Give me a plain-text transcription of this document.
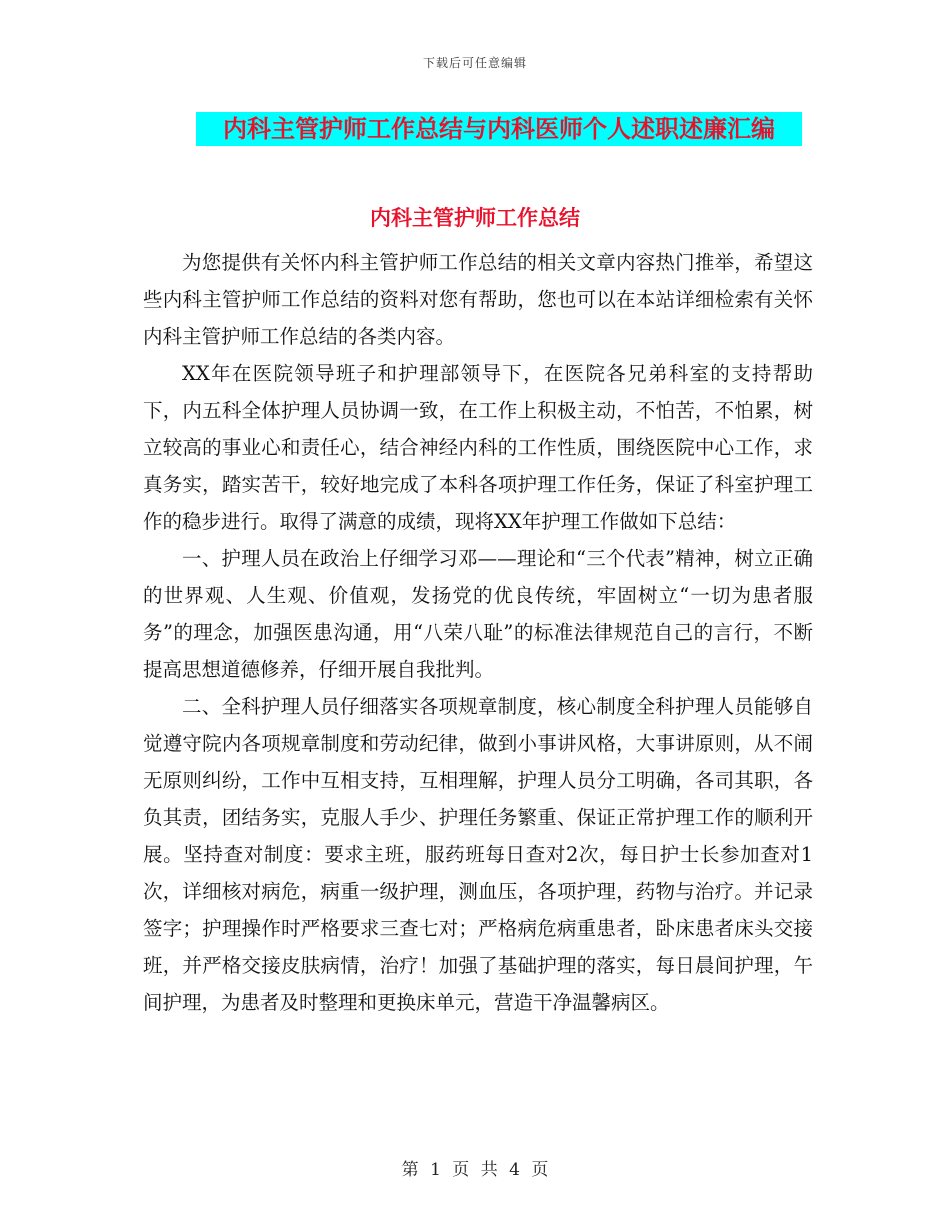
下载后可任意编辑
内科主管护师工作总结与内科医师个人述职述廉汇编
内科主管护师工作总结

为您提供有关怀内科主管护师工作总结的相关文章内容热门推举，希望这些内科主管护师工作总结的资料对您有帮助，您也可以在本站详细检索有关怀内科主管护师工作总结的各类内容。

XX年在医院领导班子和护理部领导下，在医院各兄弟科室的支持帮助下，内五科全体护理人员协调一致，在工作上积极主动，不怕苦，不怕累，树立较高的事业心和责任心，结合神经内科的工作性质，围绕医院中心工作，求真务实，踏实苦干，较好地完成了本科各项护理工作任务，保证了科室护理工作的稳步进行。取得了满意的成绩，现将XX年护理工作做如下总结：

一、护理人员在政治上仔细学习邓——理论和“三个代表”精神，树立正确的世界观、人生观、价值观，发扬党的优良传统，牢固树立“一切为患者服务”的理念，加强医患沟通，用“八荣八耻”的标准法律规范自己的言行，不断提高思想道德修养，仔细开展自我批判。

二、全科护理人员仔细落实各项规章制度，核心制度全科护理人员能够自觉遵守院内各项规章制度和劳动纪律，做到小事讲风格，大事讲原则，从不闹无原则纠纷，工作中互相支持，互相理解，护理人员分工明确，各司其职，各负其责，团结务实，克服人手少、护理任务繁重、保证正常护理工作的顺利开展。坚持查对制度：要求主班，服药班每日查对2次，每日护士长参加查对1次，详细核对病危，病重一级护理，测血压，各项护理，药物与治疗。并记录签字；护理操作时严格要求三查七对；严格病危病重患者，卧床患者床头交接班，并严格交接皮肤病情，治疗！加强了基础护理的落实，每日晨间护理，午间护理，为患者及时整理和更换床单元，营造干净温馨病区。

第 1 页 共 4 页
